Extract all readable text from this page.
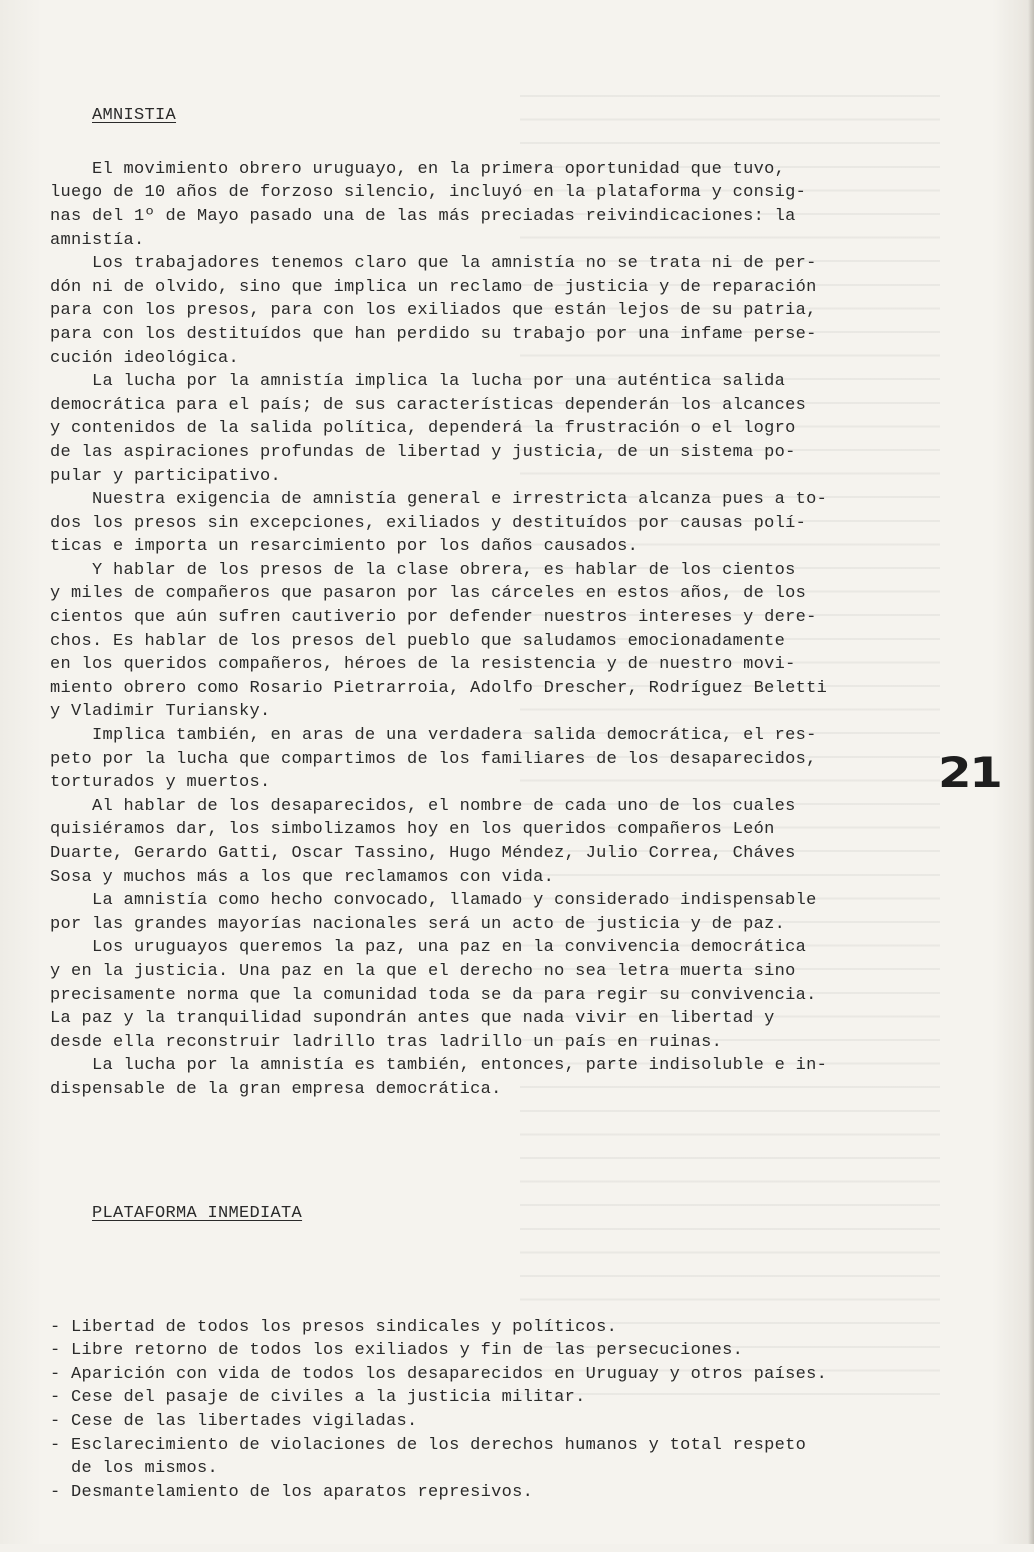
AMNISTIA

El movimiento obrero uruguayo, en la primera oportunidad que tuvo,
luego de 10 años de forzoso silencio, incluyó en la plataforma y consig-
nas del 1º de Mayo pasado una de las más preciadas reivindicaciones: la
amnistía.
Los trabajadores tenemos claro que la amnistía no se trata ni de per-
dón ni de olvido, sino que implica un reclamo de justicia y de reparación
para con los presos, para con los exiliados que están lejos de su patria,
para con los destituídos que han perdido su trabajo por una infame perse-
cución ideológica.
La lucha por la amnistía implica la lucha por una auténtica salida
democrática para el país; de sus características dependerán los alcances
y contenidos de la salida política, dependerá la frustración o el logro
de las aspiraciones profundas de libertad y justicia, de un sistema po-
pular y participativo.
Nuestra exigencia de amnistía general e irrestricta alcanza pues a to-
dos los presos sin excepciones, exiliados y destituídos por causas polí-
ticas e importa un resarcimiento por los daños causados.
Y hablar de los presos de la clase obrera, es hablar de los cientos
y miles de compañeros que pasaron por las cárceles en estos años, de los
cientos que aún sufren cautiverio por defender nuestros intereses y dere-
chos. Es hablar de los presos del pueblo que saludamos emocionadamente
en los queridos compañeros, héroes de la resistencia y de nuestro movi-
miento obrero como Rosario Pietrarroia, Adolfo Drescher, Rodríguez Beletti
y Vladimir Turiansky.
Implica también, en aras de una verdadera salida democrática, el res-
peto por la lucha que compartimos de los familiares de los desaparecidos,
torturados y muertos.
Al hablar de los desaparecidos, el nombre de cada uno de los cuales
quisiéramos dar, los simbolizamos hoy en los queridos compañeros León
Duarte, Gerardo Gatti, Oscar Tassino, Hugo Méndez, Julio Correa, Cháves
Sosa y muchos más a los que reclamamos con vida.
La amnistía como hecho convocado, llamado y considerado indispensable
por las grandes mayorías nacionales será un acto de justicia y de paz.
Los uruguayos queremos la paz, una paz en la convivencia democrática
y en la justicia. Una paz en la que el derecho no sea letra muerta sino
precisamente norma que la comunidad toda se da para regir su convivencia.
La paz y la tranquilidad supondrán antes que nada vivir en libertad y
desde ella reconstruir ladrillo tras ladrillo un país en ruinas.
La lucha por la amnistía es también, entonces, parte indisoluble e in-
dispensable de la gran empresa democrática.

PLATAFORMA INMEDIATA

- Libertad de todos los presos sindicales y políticos.
- Libre retorno de todos los exiliados y fin de las persecuciones.
- Aparición con vida de todos los desaparecidos en Uruguay y otros países.
- Cese del pasaje de civiles a la justicia militar.
- Cese de las libertades vigiladas.
- Esclarecimiento de violaciones de los derechos humanos y total respeto
de los mismos.
- Desmantelamiento de los aparatos represivos.

21
